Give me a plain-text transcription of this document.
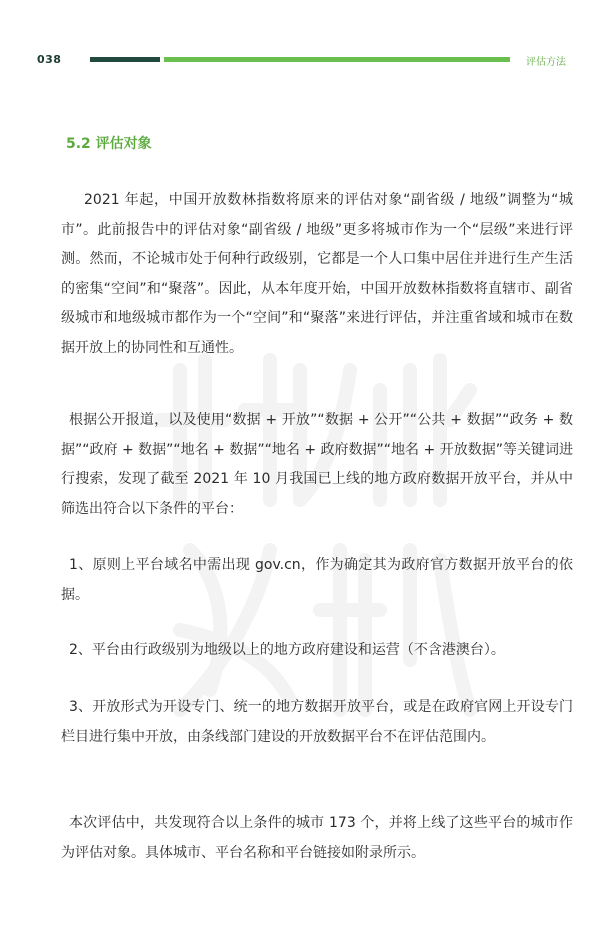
038	评估方法
5.2 评估对象

2021 年起，中国开放数林指数将原来的评估对象“副省级 / 地级”调整为“城市”。此前报告中的评估对象“副省级 / 地级”更多将城市作为一个“层级”来进行评测。然而，不论城市处于何种行政级别，它都是一个人口集中居住并进行生产生活的密集“空间”和“聚落”。因此，从本年度开始，中国开放数林指数将直辖市、副省级城市和地级城市都作为一个“空间”和“聚落”来进行评估，并注重省域和城市在数据开放上的协同性和互通性。

根据公开报道，以及使用“数据 + 开放”“数据 + 公开”“公共 + 数据”“政务 + 数据”“政府 + 数据”“地名 + 数据”“地名 + 政府数据”“地名 + 开放数据”等关键词进行搜索，发现了截至 2021 年 10 月我国已上线的地方政府数据开放平台，并从中筛选出符合以下条件的平台：

1、原则上平台域名中需出现 gov.cn，作为确定其为政府官方数据开放平台的依据。

2、平台由行政级别为地级以上的地方政府建设和运营（不含港澳台）。

3、开放形式为开设专门、统一的地方数据开放平台，或是在政府官网上开设专门栏目进行集中开放，由条线部门建设的开放数据平台不在评估范围内。

本次评估中，共发现符合以上条件的城市 173 个，并将上线了这些平台的城市作为评估对象。具体城市、平台名称和平台链接如附录所示。
